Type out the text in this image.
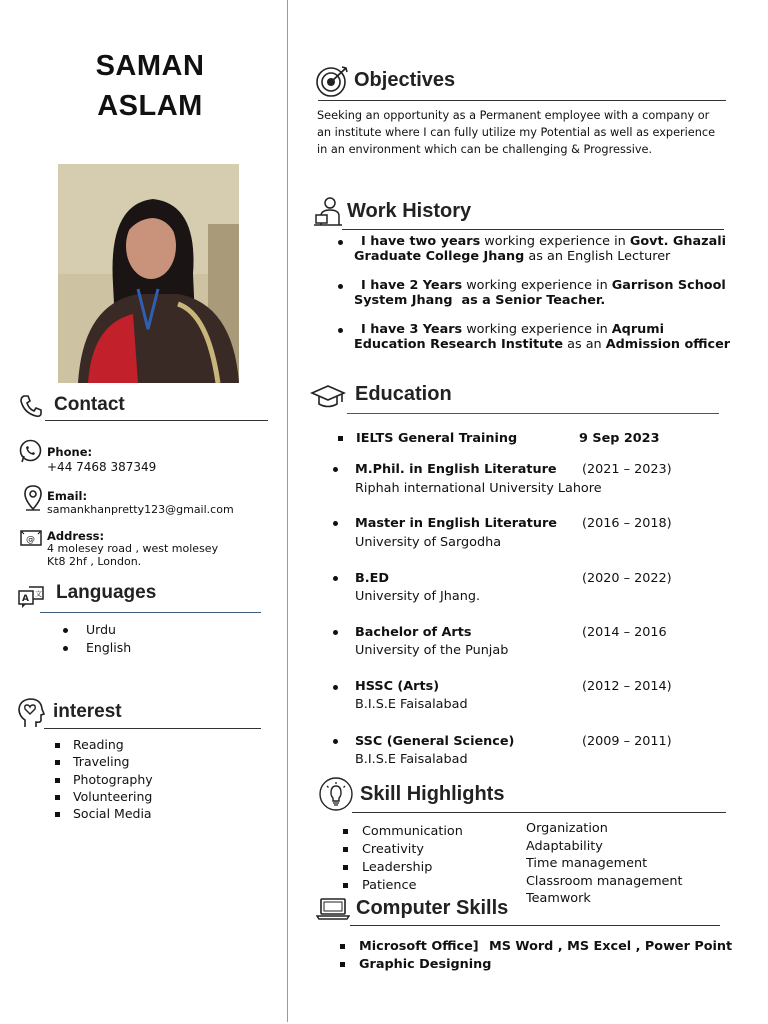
SAMAN
ASLAM
Contact
Phone:
+44 7468 387349
Email:
samankhanpretty123@gmail.com
@ Address:
4 molesey road , west molesey
Kt8 2hf , London.
A 文 Languages
Urdu
English
interest
Reading
Traveling
Photography
Volunteering
Social Media
Objectives
Seeking an opportunity as a Permanent employee with a company or
an institute where I can fully utilize my Potential as well as experience
in an environment which can be challenging & Progressive.
Work History
I have two years working experience in Govt. Ghazali
Graduate College Jhang as an English Lecturer
I have 2 Years working experience in Garrison School
System Jhang  as a Senior Teacher.
I have 3 Years working experience in Aqrumi
Education Research Institute as an Admission officer
Education
IELTS General Training	9 Sep 2023
M.Phil. in English Literature (2021 – 2023)
Riphah international University Lahore
Master in English Literature (2016 – 2018)
University of Sargodha
B.ED	(2020 – 2022)
University of Jhang.
Bachelor of Arts	(2014 – 2016
University of the Punjab
HSSC (Arts)	(2012 – 2014)
B.I.S.E Faisalabad
SSC (General Science)	(2009 – 2011)
B.I.S.E Faisalabad
Skill Highlights
Communication
Creativity
Leadership
Patience
Organization
Adaptability
Time management
Classroom management
Teamwork
Computer Skills
Microsoft Office] MS Word , MS Excel , Power Point
Graphic Designing
